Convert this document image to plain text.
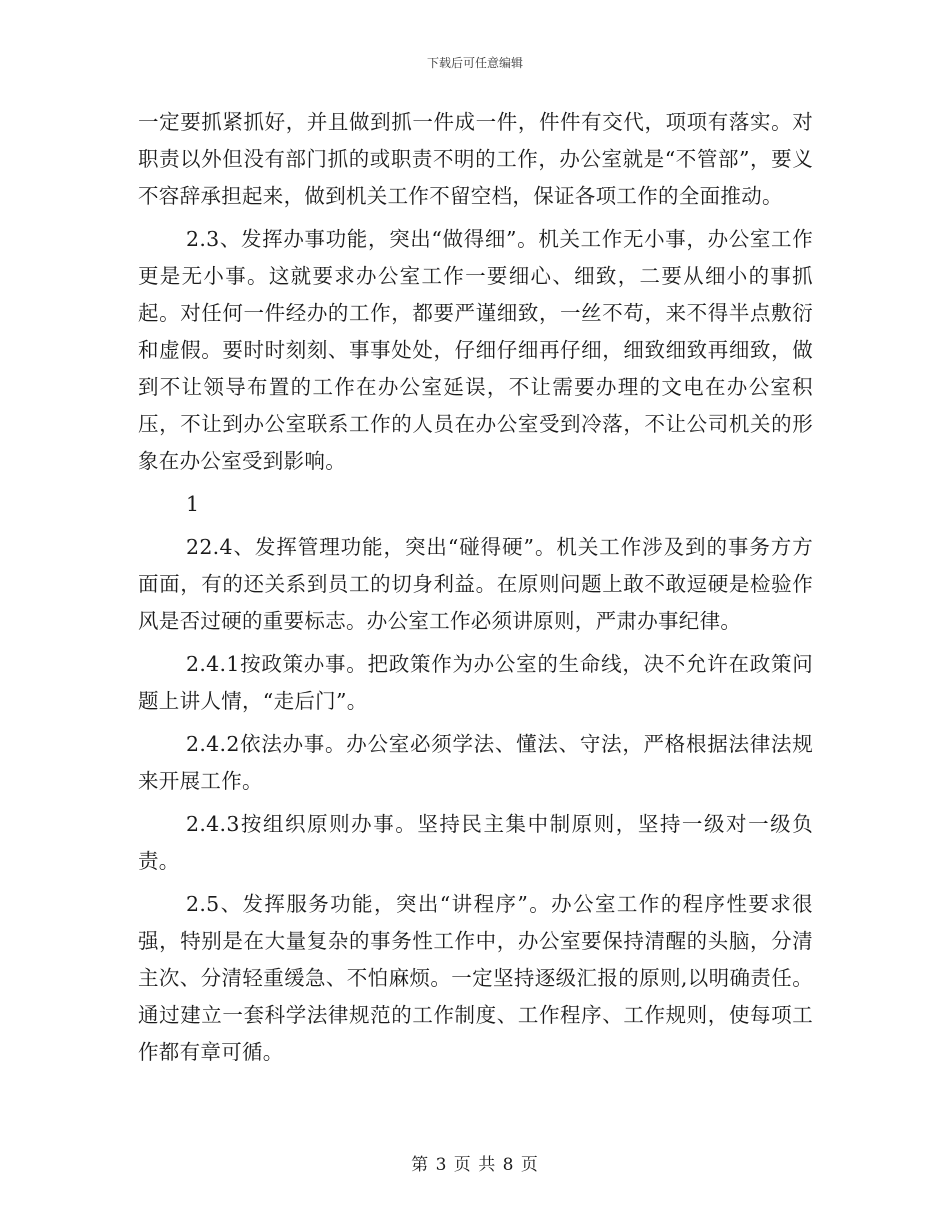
下载后可任意编辑

一定要抓紧抓好，并且做到抓一件成一件，件件有交代，项项有落实。对职责以外但没有部门抓的或职责不明的工作，办公室就是“不管部”，要义不容辞承担起来，做到机关工作不留空档，保证各项工作的全面推动。

2.3、发挥办事功能，突出“做得细”。机关工作无小事，办公室工作更是无小事。这就要求办公室工作一要细心、细致，二要从细小的事抓起。对任何一件经办的工作，都要严谨细致，一丝不苟，来不得半点敷衍和虚假。要时时刻刻、事事处处，仔细仔细再仔细，细致细致再细致，做到不让领导布置的工作在办公室延误，不让需要办理的文电在办公室积压，不让到办公室联系工作的人员在办公室受到冷落，不让公司机关的形象在办公室受到影响。

1

22.4、发挥管理功能，突出“碰得硬”。机关工作涉及到的事务方方面面，有的还关系到员工的切身利益。在原则问题上敢不敢逗硬是检验作风是否过硬的重要标志。办公室工作必须讲原则，严肃办事纪律。

2.4.1按政策办事。把政策作为办公室的生命线，决不允许在政策问题上讲人情，“走后门”。

2.4.2依法办事。办公室必须学法、懂法、守法，严格根据法律法规来开展工作。

2.4.3按组织原则办事。坚持民主集中制原则，坚持一级对一级负责。

2.5、发挥服务功能，突出“讲程序”。办公室工作的程序性要求很强，特别是在大量复杂的事务性工作中，办公室要保持清醒的头脑，分清主次、分清轻重缓急、不怕麻烦。一定坚持逐级汇报的原则,以明确责任。通过建立一套科学法律规范的工作制度、工作程序、工作规则，使每项工作都有章可循。

第 3 页 共 8 页
